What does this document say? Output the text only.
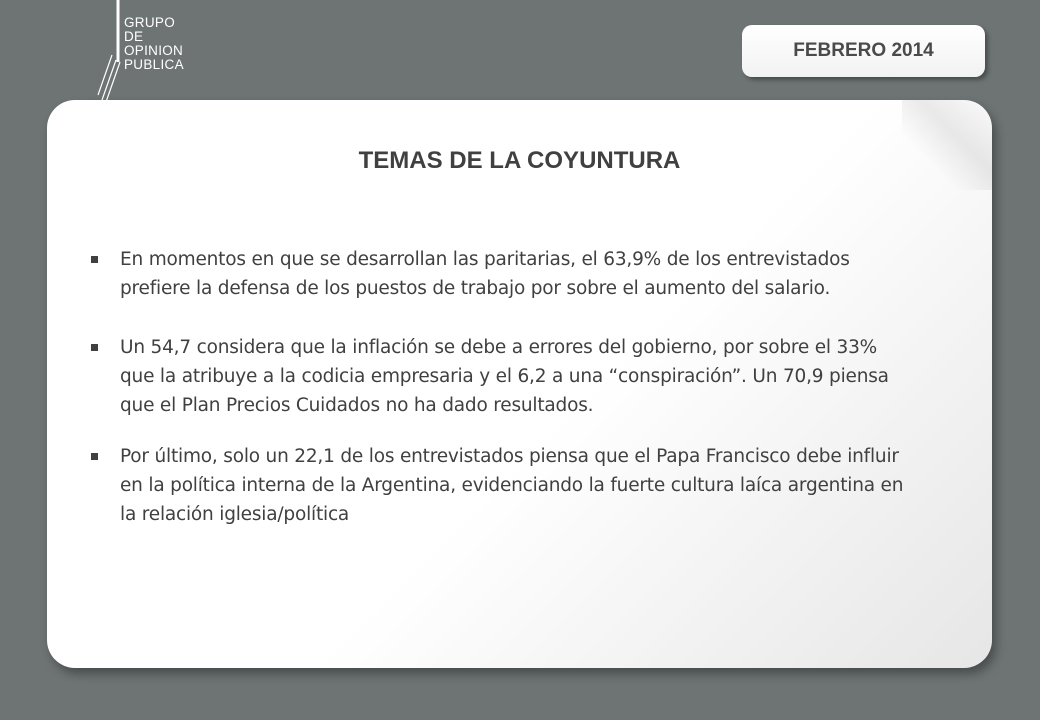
GRUPO
DE
OPINION
PUBLICA
FEBRERO 2014
TEMAS DE LA COYUNTURA
En momentos en que se desarrollan las paritarias, el 63,9% de los entrevistados prefiere la defensa de los puestos de trabajo por sobre el aumento del salario.
Un 54,7 considera que la inflación se debe a errores del gobierno, por sobre el 33% que la atribuye a la codicia empresaria y el 6,2 a una “conspiración”. Un 70,9 piensa que el Plan Precios Cuidados no ha dado resultados.
Por último, solo un 22,1 de los entrevistados piensa que el Papa Francisco debe influir en la política interna de la Argentina, evidenciando la fuerte cultura laíca argentina en la relación iglesia/política
